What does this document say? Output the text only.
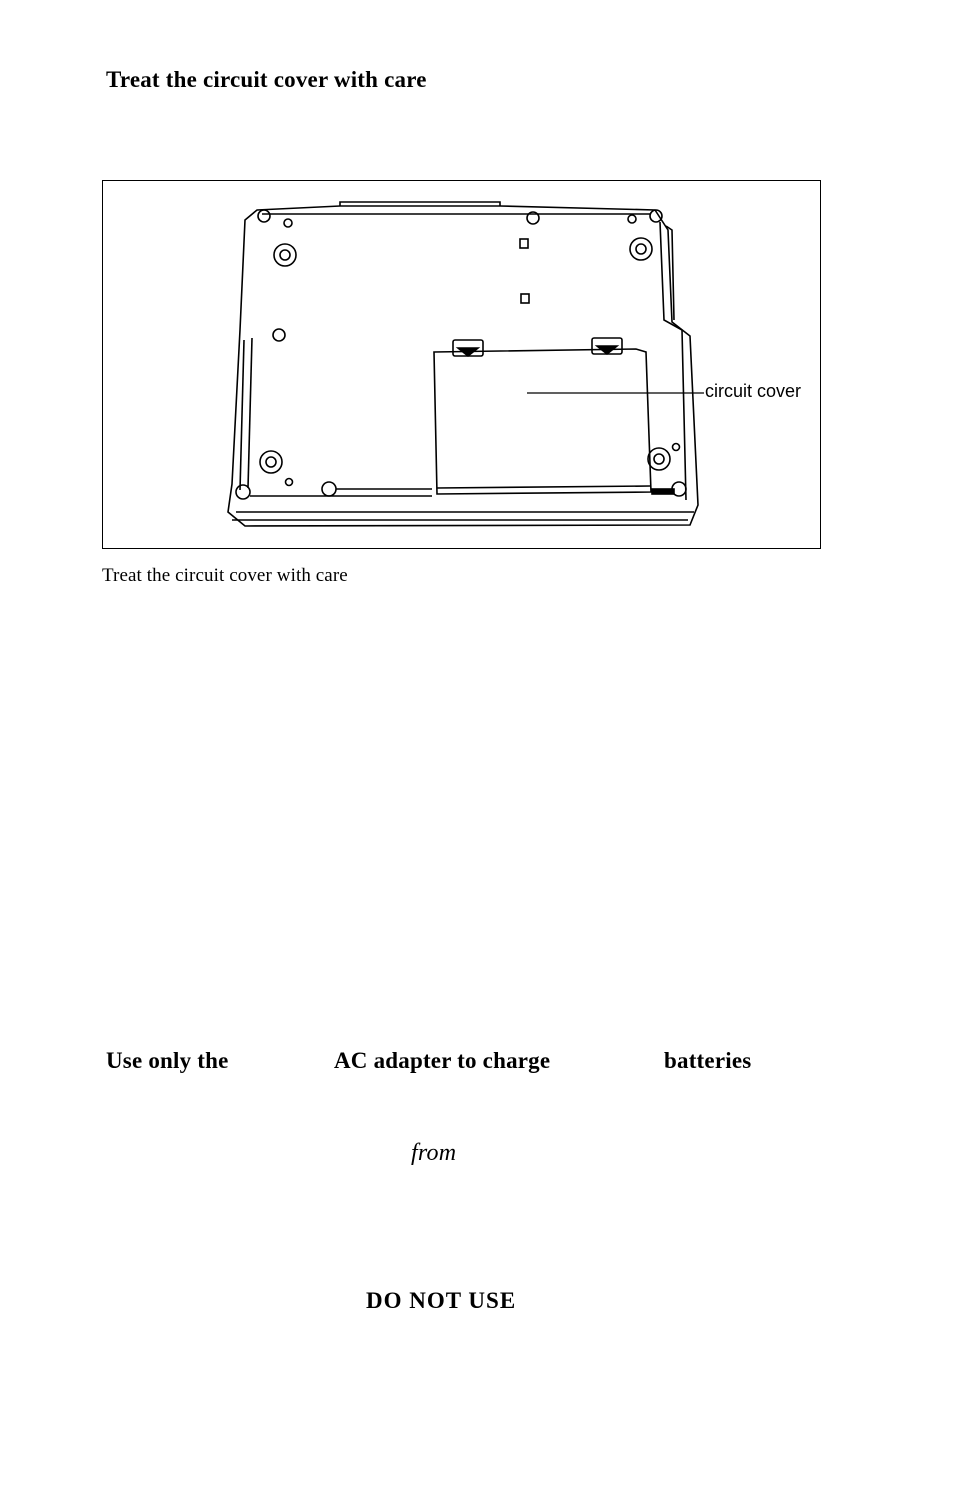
Treat the circuit cover with care
circuit cover
Treat the circuit cover with care
Use only the	AC adapter to charge	batteries
from
DO NOT USE
